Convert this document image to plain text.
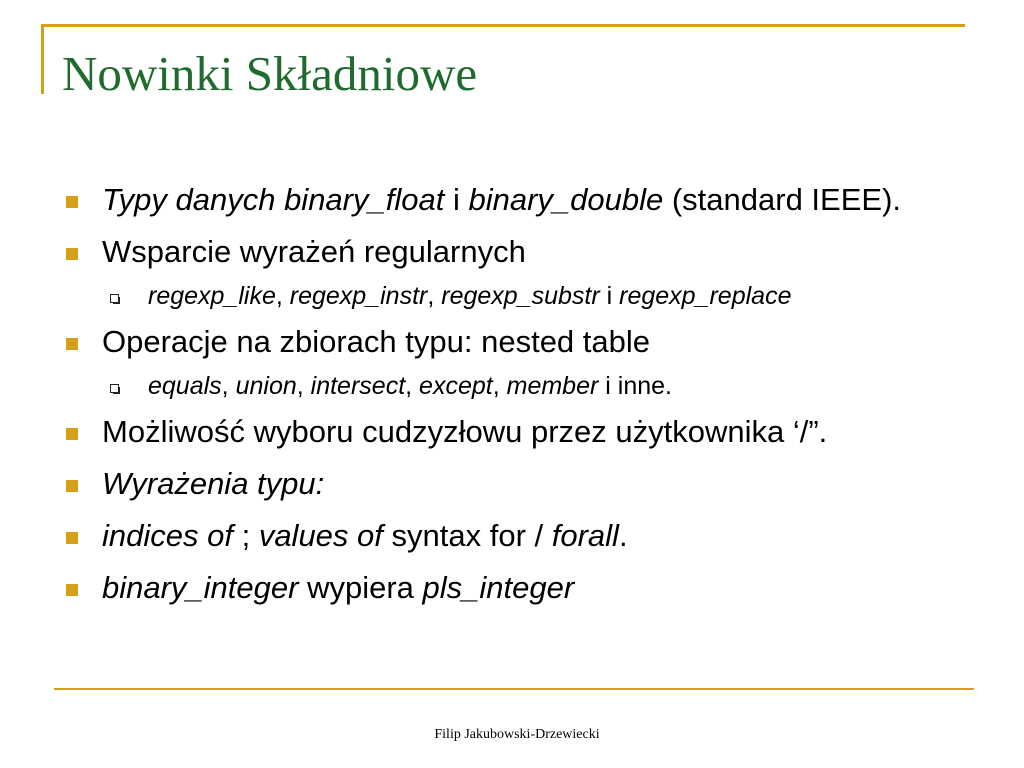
Nowinki Składniowe
Typy danych binary_float i binary_double (standard IEEE).
Wsparcie wyrażeń regularnych
regexp_like, regexp_instr, regexp_substr i regexp_replace
Operacje na zbiorach typu: nested table
equals, union, intersect, except, member i inne.
Możliwość wyboru cudzyzłowu przez użytkownika ‘/”.
Wyrażenia typu:
indices of ; values of syntax for / forall.
binary_integer wypiera pls_integer
Filip Jakubowski-Drzewiecki
